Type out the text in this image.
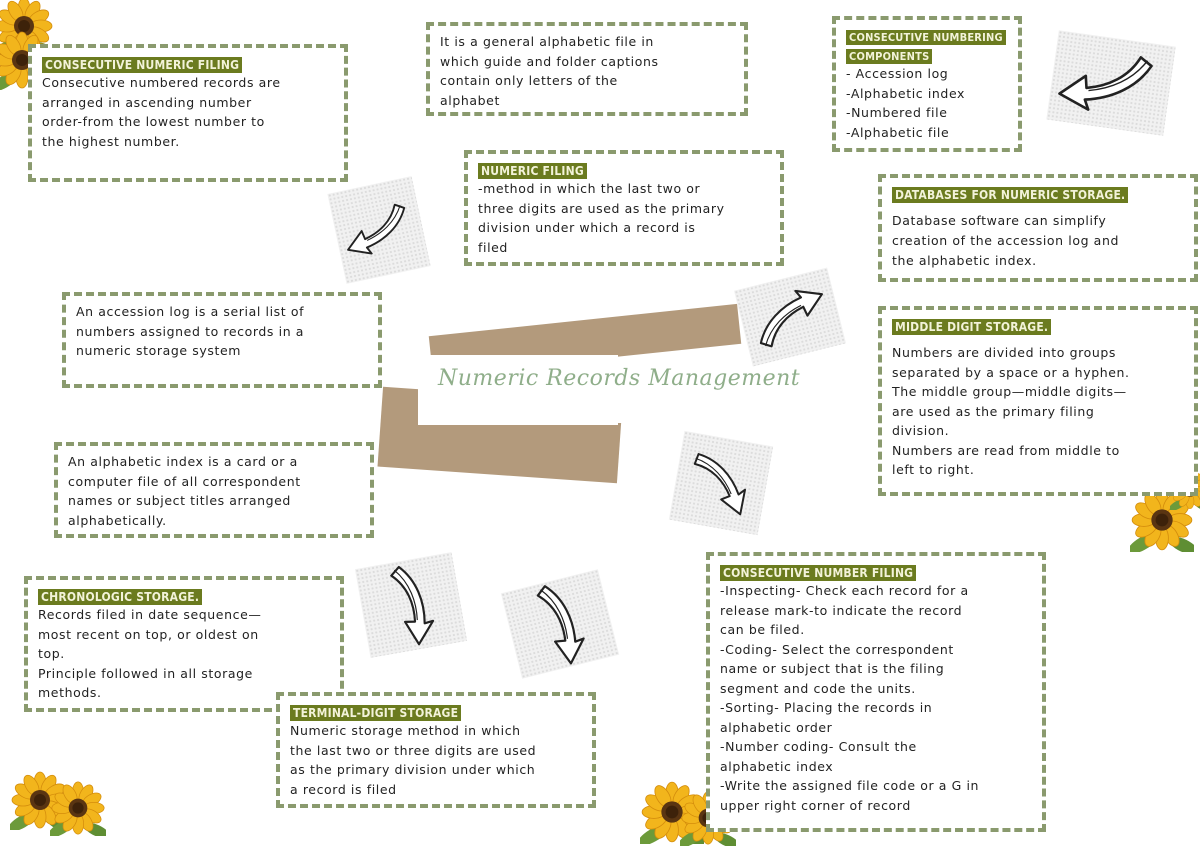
Numeric Records Management
CONSECUTIVE NUMERIC FILING
Consecutive numbered records are
arranged in ascending number
order-from the lowest number to
the highest number.
It is a general alphabetic file in
which guide and folder captions
contain only letters of the
alphabet
CONSECUTIVE NUMBERING
COMPONENTS
- Accession log
-Alphabetic index
-Numbered file
-Alphabetic file
NUMERIC FILING
-method in which the last two or
three digits are used as the primary
division under which a record is
filed
DATABASES FOR NUMERIC STORAGE.
Database software can simplify
creation of the accession log and
the alphabetic index.
An accession log is a serial list of
numbers assigned to records in a
numeric storage system
MIDDLE DIGIT STORAGE.
Numbers are divided into groups
separated by a space or a hyphen.
The middle group—middle digits—
are used as the primary filing
division.
Numbers are read from middle to
left to right.
An alphabetic index is a card or a
computer file of all correspondent
names or subject titles arranged
alphabetically.
CHRONOLOGIC STORAGE.
Records filed in date sequence—
most recent on top, or oldest on
top.
Principle followed in all storage
methods.
TERMINAL-DIGIT STORAGE
Numeric storage method in which
the last two or three digits are used
as the primary division under which
a record is filed
CONSECUTIVE NUMBER FILING
-Inspecting- Check each record for a
release mark-to indicate the record
can be filed.
-Coding- Select the correspondent
name or subject that is the filing
segment and code the units.
-Sorting- Placing the records in
alphabetic order
-Number coding- Consult the
alphabetic index
-Write the assigned file code or a G in
upper right corner of record
